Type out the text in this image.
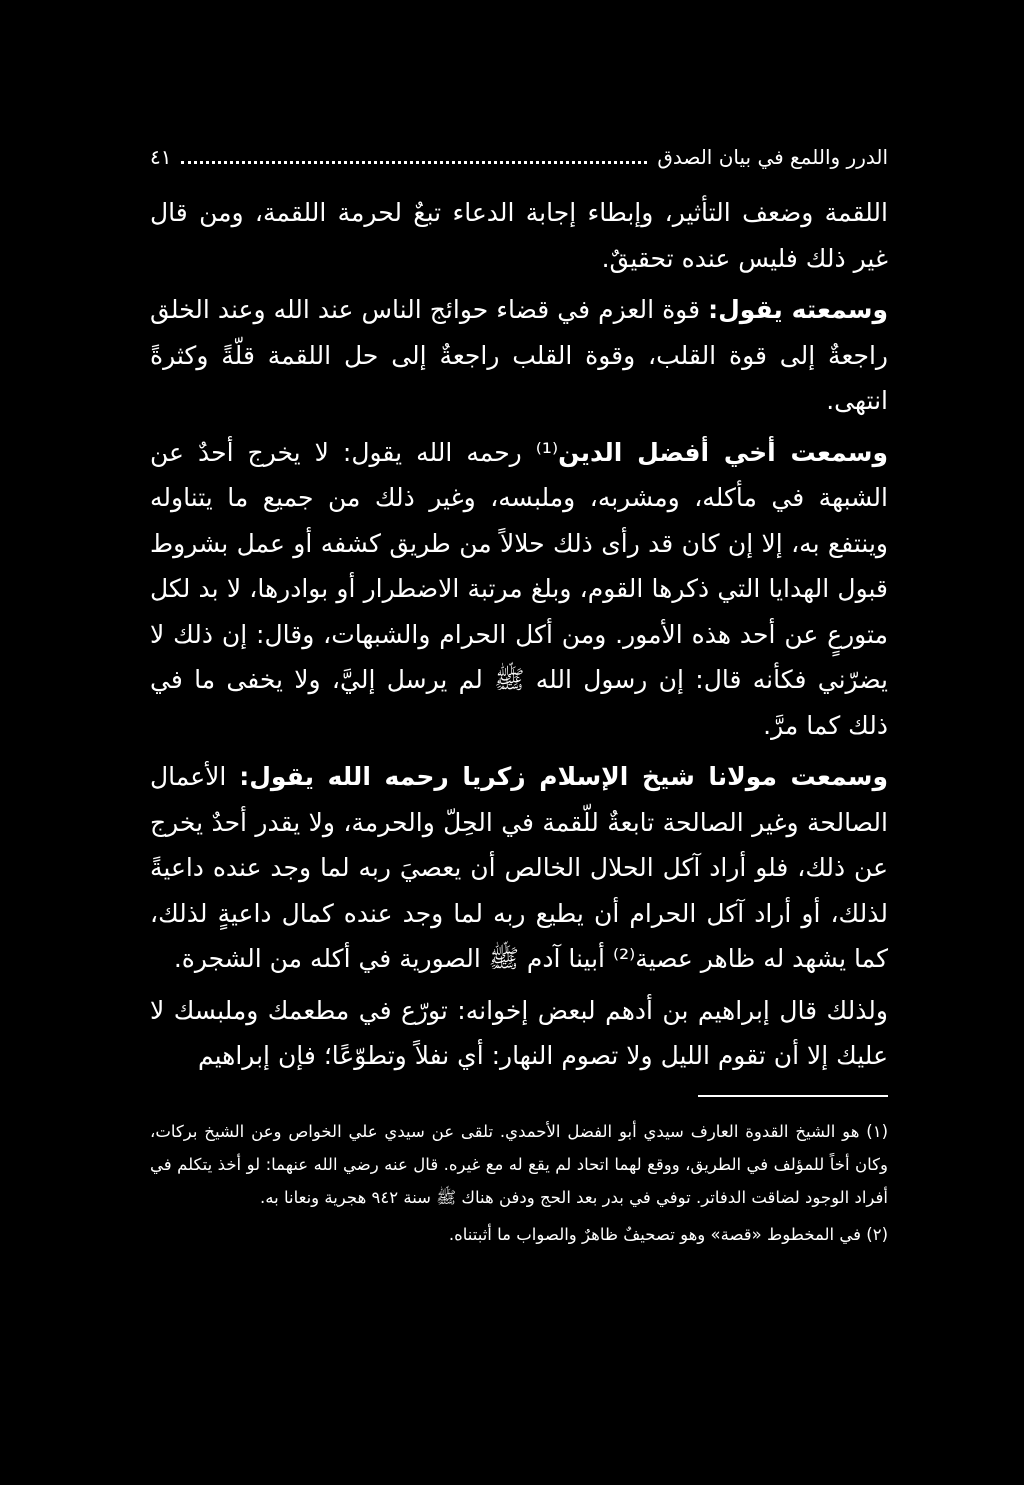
٤١	الدرر واللمع في بيان الصدق

اللقمة وضعف التأثير، وإبطاء إجابة الدعاء تبعٌ لحرمة اللقمة، ومن قال غير ذلك فليس عنده تحقيقٌ.

وسمعته يقول: قوة العزم في قضاء حوائج الناس عند الله وعند الخلق راجعةٌ إلى قوة القلب، وقوة القلب راجعةٌ إلى حل اللقمة قلّةً وكثرةً انتهى.

وسمعت أخي أفضل الدين⁽¹⁾ رحمه الله يقول: لا يخرج أحدٌ عن الشبهة في مأكله، ومشربه، وملبسه، وغير ذلك من جميع ما يتناوله وينتفع به، إلا إن كان قد رأى ذلك حلالاً من طريق كشفه أو عمل بشروط قبول الهدايا التي ذكرها القوم، وبلغ مرتبة الاضطرار أو بوادرها، لا بد لكل متورعٍ عن أحد هذه الأمور. ومن أكل الحرام والشبهات، وقال: إن ذلك لا يضرّني فكأنه قال: إن رسول الله ﷺ لم يرسل إليَّ، ولا يخفى ما في ذلك كما مرَّ.

وسمعت مولانا شيخ الإسلام زكريا رحمه الله يقول: الأعمال الصالحة وغير الصالحة تابعةٌ للّقمة في الحِلّ والحرمة، ولا يقدر أحدٌ يخرج عن ذلك، فلو أراد آكل الحلال الخالص أن يعصيَ ربه لما وجد عنده داعيةً لذلك، أو أراد آكل الحرام أن يطيع ربه لما وجد عنده كمال داعيةٍ لذلك، كما يشهد له ظاهر عصية⁽²⁾ أبينا آدم ﷺ الصورية في أكله من الشجرة.

ولذلك قال إبراهيم بن أدهم لبعض إخوانه: تورّع في مطعمك وملبسك لا عليك إلا أن تقوم الليل ولا تصوم النهار: أي نفلاً وتطوّعًا؛ فإن إبراهيم

(١) هو الشيخ القدوة العارف سيدي أبو الفضل الأحمدي. تلقى عن سيدي علي الخواص وعن الشيخ بركات، وكان أخاً للمؤلف في الطريق، ووقع لهما اتحاد لم يقع له مع غيره. قال عنه رضي الله عنهما: لو أخذ يتكلم في أفراد الوجود لضاقت الدفاتر. توفي في بدر بعد الحج ودفن هناك ﷺ سنة ٩٤٢ هجرية ونعانا به.

(٢) في المخطوط «قصة» وهو تصحيفٌ ظاهرٌ والصواب ما أثبتناه.
